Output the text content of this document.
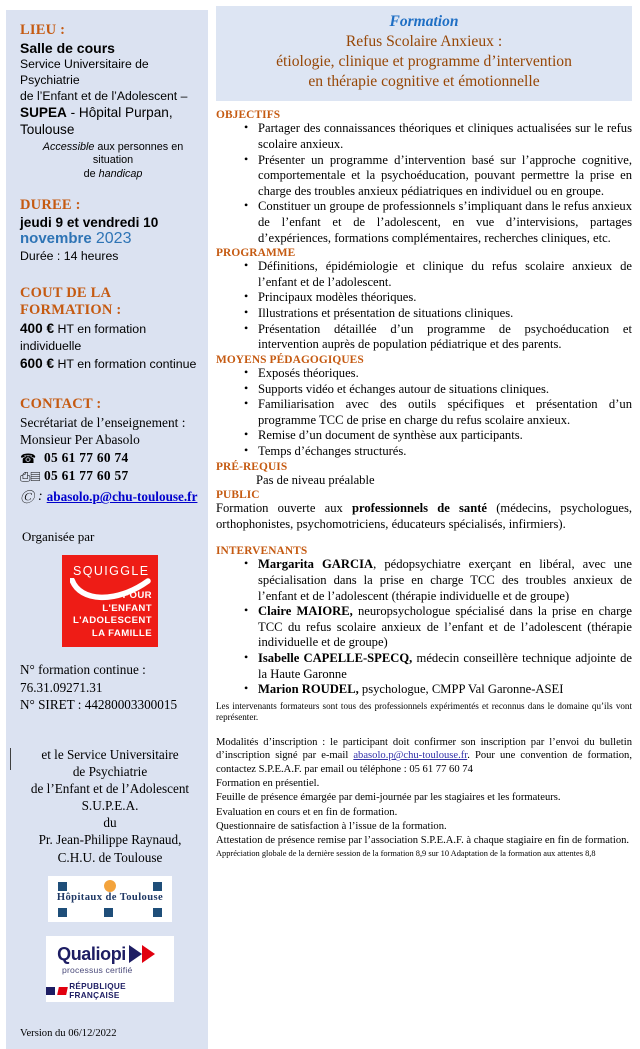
LIEU :
Salle de cours
Service Universitaire de Psychiatrie
de l’Enfant et de l’Adolescent –
SUPEA - Hôpital Purpan,
Toulouse
Accessible aux personnes en situation
de handicap
DUREE :
jeudi 9 et vendredi 10
novembre 2023
Durée : 14 heures
COUT DE LA FORMATION :
400 € HT en formation individuelle
600 € HT en formation continue
CONTACT :
Secrétariat de l’enseignement :
Monsieur Per Abasolo
☎ 05 61 77 60 74
⎙▤ 05 61 77 60 57
Ⓒ : abasolo.p@chu-toulouse.fr
Organisée par
SQUIGGLE
POUR
L'ENFANT
L'ADOLESCENT
LA FAMILLE
N° formation continue :
76.31.09271.31
N° SIRET : 44280003300015
et le Service Universitaire
de Psychiatrie
de l’Enfant et de l’Adolescent
S.U.P.E.A.
du
Pr. Jean-Philippe Raynaud,
C.H.U. de Toulouse
Hôpitaux de Toulouse
Qualiopi
processus certifié
RÉPUBLIQUE FRANÇAISE
Version du 06/12/2022
Formation
Refus Scolaire Anxieux :
étiologie, clinique et programme d’intervention
en thérapie cognitive et émotionnelle
OBJECTIFS
• Partager des connaissances théoriques et cliniques actualisées sur le refus scolaire anxieux.
• Présenter un programme d’intervention basé sur l’approche cognitive, comportementale et la psychoéducation, pouvant permettre la prise en charge des troubles anxieux pédiatriques en individuel ou en groupe.
• Constituer un groupe de professionnels s’impliquant dans le refus anxieux de l’enfant et de l’adolescent, en vue d’intervisions, partages d’expériences, formations complémentaires, recherches cliniques, etc.
PROGRAMME
• Définitions, épidémiologie et clinique du refus scolaire anxieux de l’enfant et de l’adolescent.
• Principaux modèles théoriques.
• Illustrations et présentation de situations cliniques.
• Présentation détaillée d’un programme de psychoéducation et intervention auprès de population pédiatrique et des parents.
MOYENS PÉDAGOGIQUES
• Exposés théoriques.
• Supports vidéo et échanges autour de situations cliniques.
• Familiarisation avec des outils spécifiques et présentation d’un programme TCC de prise en charge du refus scolaire anxieux.
• Remise d’un document de synthèse aux participants.
• Temps d’échanges structurés.
PRÉ-REQUIS

Pas de niveau préalable

PUBLIC

Formation ouverte aux professionnels de santé (médecins, psychologues, orthophonistes, psychomotriciens, éducateurs spécialisés, infirmiers).

INTERVENANTS
• Margarita GARCIA, pédopsychiatre exerçant en libéral, avec une spécialisation dans la prise en charge TCC des troubles anxieux de l’enfant et de l’adolescent (thérapie individuelle et de groupe)
• Claire MAIORE, neuropsychologue spécialisé dans la prise en charge TCC du refus scolaire anxieux de l’enfant et de l’adolescent (thérapie individuelle et de groupe)
• Isabelle CAPELLE-SPECQ, médecin conseillère technique adjointe de la Haute Garonne
• Marion ROUDEL, psychologue, CMPP Val Garonne-ASEI

Les intervenants formateurs sont tous des professionnels expérimentés et reconnus dans le domaine qu’ils vont représenter.

Modalités d’inscription : le participant doit confirmer son inscription par l’envoi du bulletin d’inscription signé par e-mail abasolo.p@chu-toulouse.fr. Pour une convention de formation, contactez S.P.E.A.F. par email ou téléphone : 05 61 77 60 74

Formation en présentiel.

Feuille de présence émargée par demi-journée par les stagiaires et les formateurs.

Evaluation en cours et en fin de formation.

Questionnaire de satisfaction à l’issue de la formation.

Attestation de présence remise par l’association S.P.E.A.F. à chaque stagiaire en fin de formation.

Appréciation globale de la dernière session de la formation 8,9 sur 10 Adaptation de la formation aux attentes 8,8
